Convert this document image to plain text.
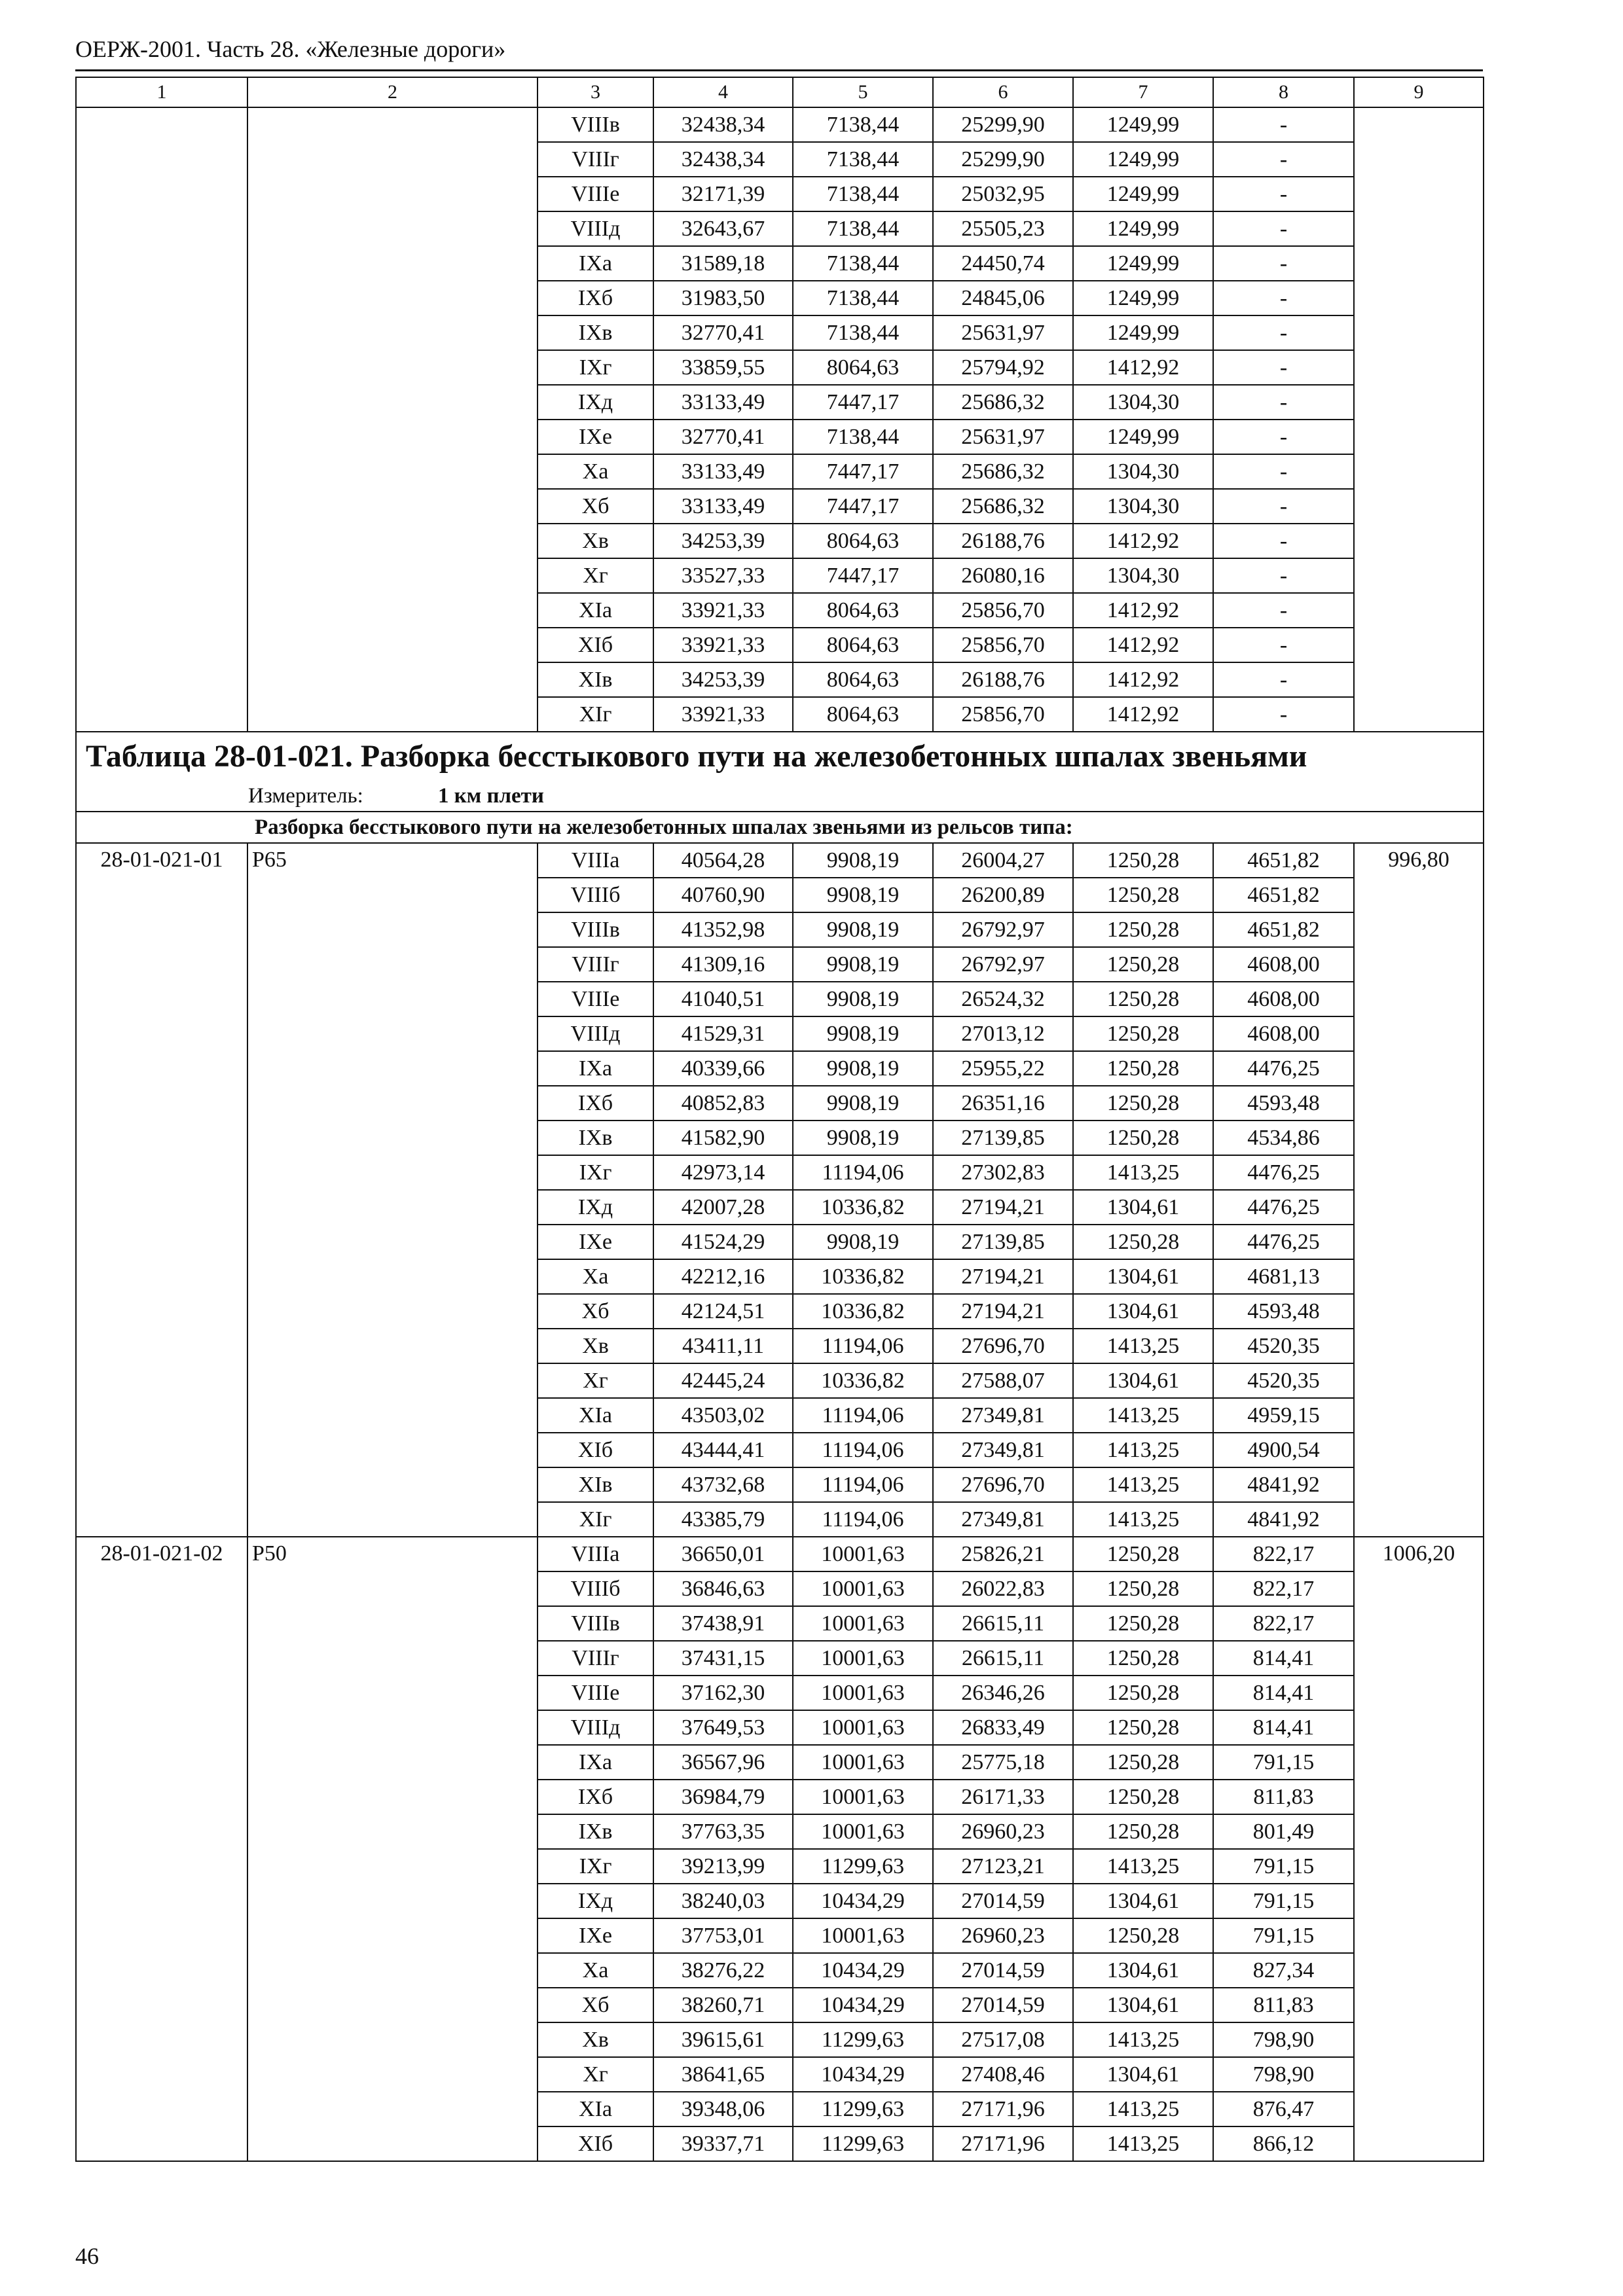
ОЕРЖ-2001. Часть 28. «Железные дороги»
1	2	3	4	5	6	7	8	9
		VIIIв	32438,34	7138,44	25299,90	1249,99	-	
		VIIIг	32438,34	7138,44	25299,90	1249,99	-	
		VIIIе	32171,39	7138,44	25032,95	1249,99	-	
		VIIIд	32643,67	7138,44	25505,23	1249,99	-	
		IXа	31589,18	7138,44	24450,74	1249,99	-	
		IXб	31983,50	7138,44	24845,06	1249,99	-	
		IXв	32770,41	7138,44	25631,97	1249,99	-	
		IXг	33859,55	8064,63	25794,92	1412,92	-	
		IXд	33133,49	7447,17	25686,32	1304,30	-	
		IXе	32770,41	7138,44	25631,97	1249,99	-	
		Xа	33133,49	7447,17	25686,32	1304,30	-	
		Xб	33133,49	7447,17	25686,32	1304,30	-	
		Xв	34253,39	8064,63	26188,76	1412,92	-	
		Xг	33527,33	7447,17	26080,16	1304,30	-	
		XIа	33921,33	8064,63	25856,70	1412,92	-	
		XIб	33921,33	8064,63	25856,70	1412,92	-	
		XIв	34253,39	8064,63	26188,76	1412,92	-	
		XIг	33921,33	8064,63	25856,70	1412,92	-	
Таблица 28-01-021. Разборка бесстыкового пути на железобетонных шпалах звеньями								
Измеритель: 1 км плети								
Разборка бесстыкового пути на железобетонных шпалах звеньями из рельсов типа:								
28-01-021-01	Р65	VIIIа	40564,28	9908,19	26004,27	1250,28	4651,82	996,80
		VIIIб	40760,90	9908,19	26200,89	1250,28	4651,82	
		VIIIв	41352,98	9908,19	26792,97	1250,28	4651,82	
		VIIIг	41309,16	9908,19	26792,97	1250,28	4608,00	
		VIIIе	41040,51	9908,19	26524,32	1250,28	4608,00	
		VIIIд	41529,31	9908,19	27013,12	1250,28	4608,00	
		IXа	40339,66	9908,19	25955,22	1250,28	4476,25	
		IXб	40852,83	9908,19	26351,16	1250,28	4593,48	
		IXв	41582,90	9908,19	27139,85	1250,28	4534,86	
		IXг	42973,14	11194,06	27302,83	1413,25	4476,25	
		IXд	42007,28	10336,82	27194,21	1304,61	4476,25	
		IXе	41524,29	9908,19	27139,85	1250,28	4476,25	
		Xа	42212,16	10336,82	27194,21	1304,61	4681,13	
		Xб	42124,51	10336,82	27194,21	1304,61	4593,48	
		Xв	43411,11	11194,06	27696,70	1413,25	4520,35	
		Xг	42445,24	10336,82	27588,07	1304,61	4520,35	
		XIа	43503,02	11194,06	27349,81	1413,25	4959,15	
		XIб	43444,41	11194,06	27349,81	1413,25	4900,54	
		XIв	43732,68	11194,06	27696,70	1413,25	4841,92	
		XIг	43385,79	11194,06	27349,81	1413,25	4841,92	
28-01-021-02	Р50	VIIIа	36650,01	10001,63	25826,21	1250,28	822,17	1006,20
		VIIIб	36846,63	10001,63	26022,83	1250,28	822,17	
		VIIIв	37438,91	10001,63	26615,11	1250,28	822,17	
		VIIIг	37431,15	10001,63	26615,11	1250,28	814,41	
		VIIIе	37162,30	10001,63	26346,26	1250,28	814,41	
		VIIIд	37649,53	10001,63	26833,49	1250,28	814,41	
		IXа	36567,96	10001,63	25775,18	1250,28	791,15	
		IXб	36984,79	10001,63	26171,33	1250,28	811,83	
		IXв	37763,35	10001,63	26960,23	1250,28	801,49	
		IXг	39213,99	11299,63	27123,21	1413,25	791,15	
		IXд	38240,03	10434,29	27014,59	1304,61	791,15	
		IXе	37753,01	10001,63	26960,23	1250,28	791,15	
		Xа	38276,22	10434,29	27014,59	1304,61	827,34	
		Xб	38260,71	10434,29	27014,59	1304,61	811,83	
		Xв	39615,61	11299,63	27517,08	1413,25	798,90	
		Xг	38641,65	10434,29	27408,46	1304,61	798,90	
		XIа	39348,06	11299,63	27171,96	1413,25	876,47	
		XIб	39337,71	11299,63	27171,96	1413,25	866,12	
46
